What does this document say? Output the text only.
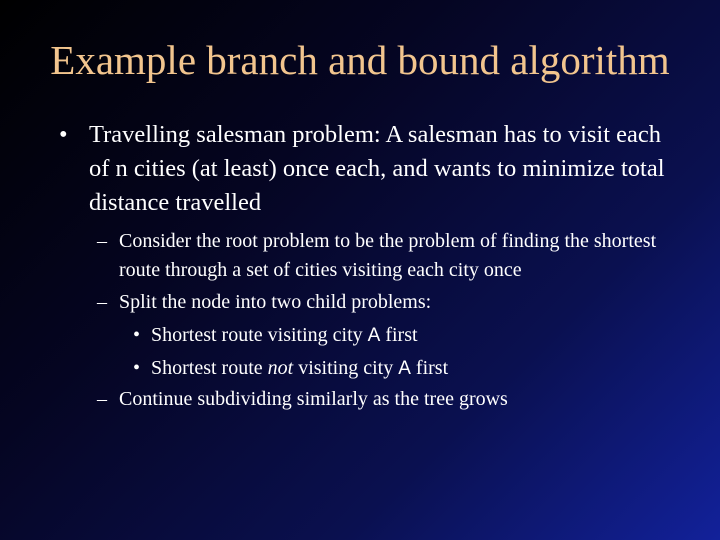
Example branch and bound algorithm
• Travelling salesman problem: A salesman has to visit each of n cities (at least) once each, and wants to minimize total distance travelled
– Consider the root problem to be the problem of finding the shortest route through a set of cities visiting each city once
– Split the node into two child problems:
• Shortest route visiting city A first
• Shortest route not visiting city A first
– Continue subdividing similarly as the tree grows
